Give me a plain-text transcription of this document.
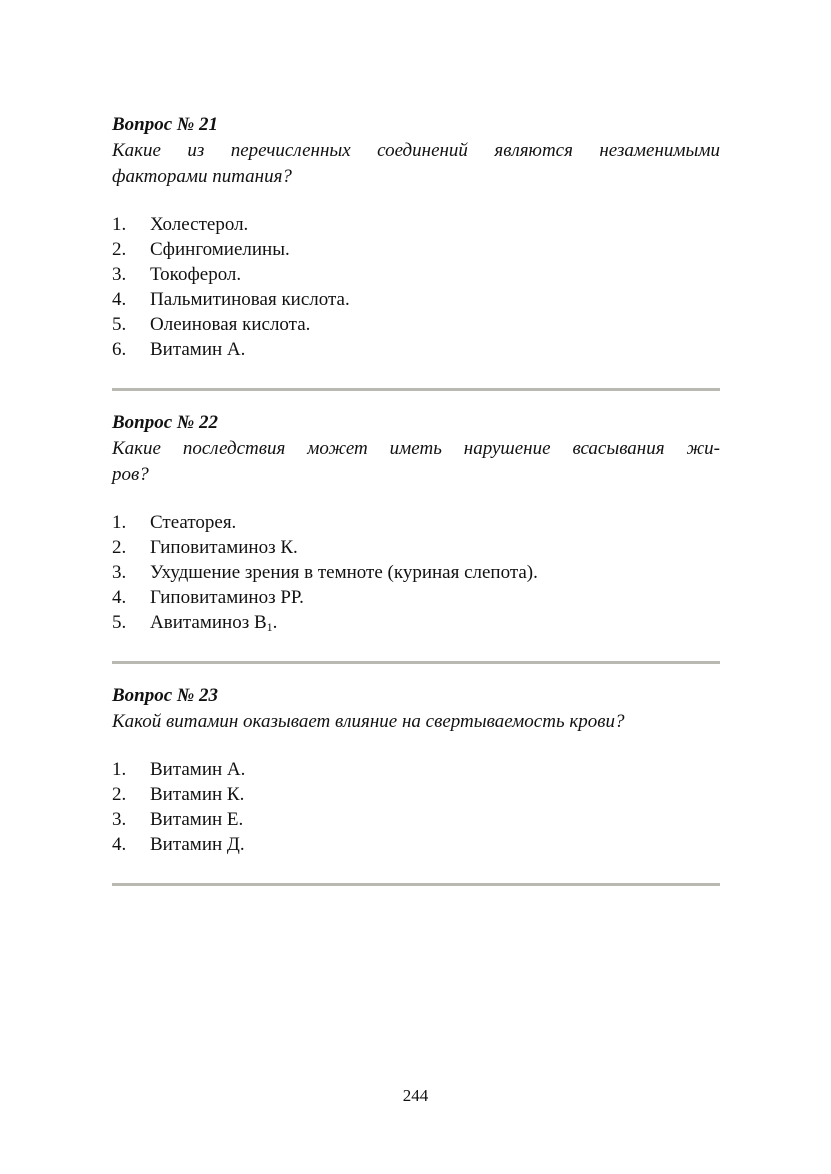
Вопрос № 21

Какие из перечисленных соединений являются незаменимыми
факторами питания?

1.	Холестерол.
2.	Сфингомиелины.
3.	Токоферол.
4.	Пальмитиновая кислота.
5.	Олеиновая кислота.
6.	Витамин А.

Вопрос № 22

Какие последствия может иметь нарушение всасывания жи-
ров?

1.	Стеаторея.
2.	Гиповитаминоз К.
3.	Ухудшение зрения в темноте (куриная слепота).
4.	Гиповитаминоз РР.
5.	Авитаминоз $В_1$.

Вопрос № 23

Какой витамин оказывает влияние на свертываемость крови?

1.	Витамин А.
2.	Витамин К.
3.	Витамин Е.
4.	Витамин Д.
244
